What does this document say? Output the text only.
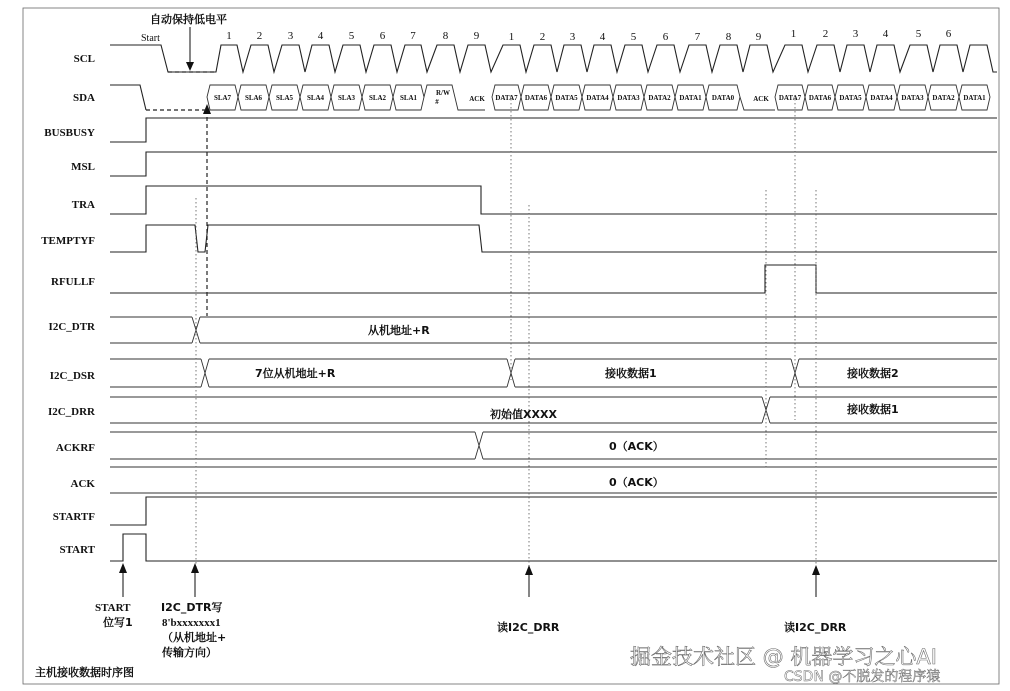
SCL
SDA
BUSBUSY
MSL
TRA
TEMPTYF
RFULLF
I2C_DTR
I2C_DSR
I2C_DRR
ACKRF
ACK
STARTF
START
自动保持低电平
Start	1 2 3 4 5 6 7 8 9	1 2 3 4 5 6 7 8 9	1 2 3 4	5 6
SLA7 SLA6 SLA5 SLA4 SLA3 SLA2 SLA1
R/W
#	ACK DATA7 DATA6 DATA5 DATA4 DATA3 DATA2 DATA1 DATA0	ACK DATA7 DATA6 DATA5 DATA4 DATA3 DATA2 DATA1
从机地址+R
7位从机地址+R	接收数据1	接收数据2
初始值XXXX	接收数据1
0（ACK）
0（ACK）
START
位写1
I2C_DTR写
8'bxxxxxxx1
（从机地址+
传输方向）
读I2C_DRR	读I2C_DRR
主机接收数据时序图
掘金技术社区 @ 机器学习之心AI
CSDN @不脱发的程序猿
